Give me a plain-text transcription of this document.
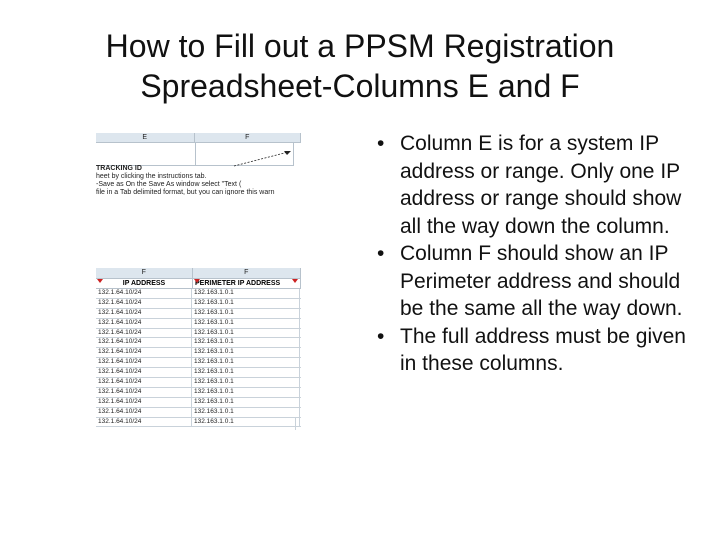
How to Fill out a PPSM Registration
Spreadsheet-Columns E and F
E	F
TRACKING ID
heet by clicking the instructions tab.
-Save as On the Save As window select "Text (
file in a Tab delimited format, but you can ignore this warn
F	F
IP ADDRESS	PERIMETER IP ADDRESS
132.1.64.10/24	132.163.1.0.1
132.1.64.10/24	132.163.1.0.1
132.1.64.10/24	132.163.1.0.1
132.1.64.10/24	132.163.1.0.1
132.1.64.10/24	132.163.1.0.1
132.1.64.10/24	132.163.1.0.1
132.1.64.10/24	132.163.1.0.1
132.1.64.10/24	132.163.1.0.1
132.1.64.10/24	132.163.1.0.1
132.1.64.10/24	132.163.1.0.1
132.1.64.10/24	132.163.1.0.1
132.1.64.10/24	132.163.1.0.1
132.1.64.10/24	132.163.1.0.1
132.1.64.10/24	132.163.1.0.1
• Column E is for a system IP address or range. Only one IP address or range should show all the way down the column.
• Column F should show an IP Perimeter address and should be the same all the way down.
• The full address must be given in these columns.
